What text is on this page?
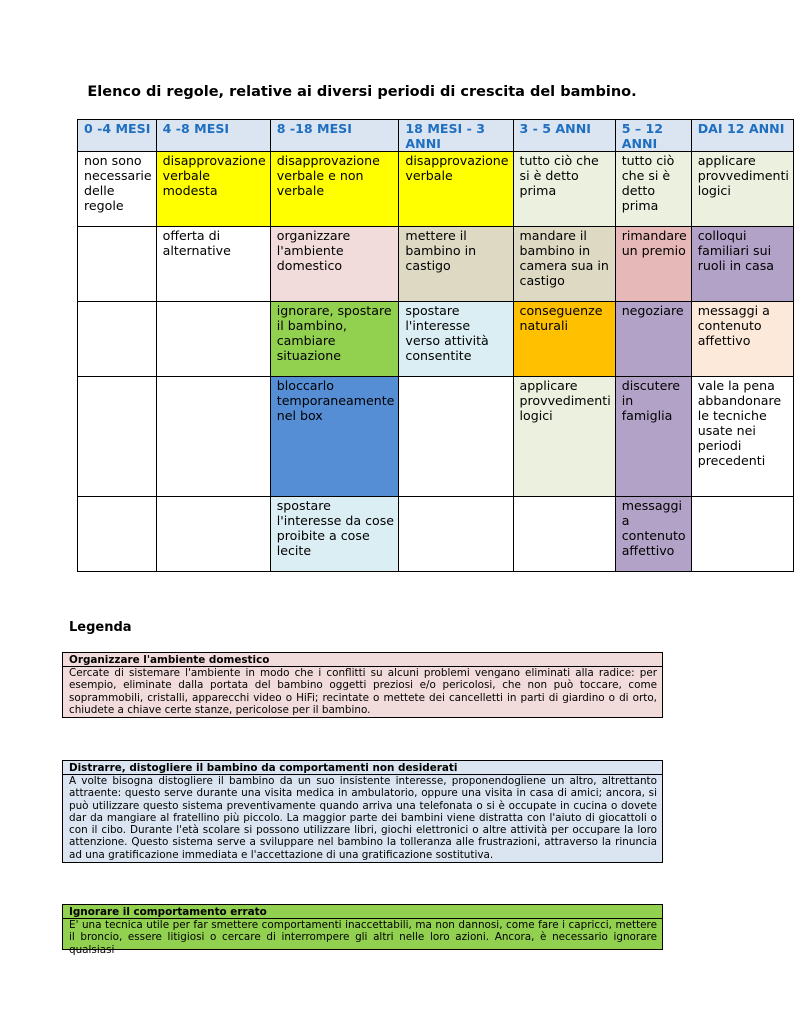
Elenco di regole, relative ai diversi periodi di crescita del bambino.
0 -4 MESI	4 -8 MESI	8 -18 MESI	18 MESI - 3 ANNI	3 - 5 ANNI	5 – 12 ANNI	DAI 12 ANNI
non sono necessarie delle regole	disapprovazione verbale modesta	disapprovazione verbale e non verbale	disapprovazione verbale	tutto ciò che si è detto prima	tutto ciò che si è detto prima	applicare provvedimenti logici
	offerta di alternative	organizzare l'ambiente domestico	mettere il bambino in castigo	mandare il bambino in camera sua in castigo	rimandare un premio	colloqui familiari sui ruoli in casa
		ignorare, spostare il bambino, cambiare situazione	spostare l'interesse verso attività consentite	conseguenze naturali	negoziare	messaggi a contenuto affettivo
		bloccarlo temporaneamente nel box		applicare provvedimenti logici	discutere in famiglia	vale la pena abbandonare le tecniche usate nei periodi precedenti
		spostare l'interesse da cose proibite a cose lecite			messaggi a contenuto affettivo	
Legenda
Organizzare l'ambiente domestico
Cercate di sistemare l'ambiente in modo che i conflitti su alcuni problemi vengano eliminati alla radice: per esempio, eliminate dalla portata del bambino oggetti preziosi e/o pericolosi, che non può toccare, come soprammobili, cristalli, apparecchi video o HiFi; recintate o mettete dei cancelletti in parti di giardino o di orto, chiudete a chiave certe stanze, pericolose per il bambino.
Distrarre, distogliere il bambino da comportamenti non desiderati
A volte bisogna distogliere il bambino da un suo insistente interesse, proponendogliene un altro, altrettanto attraente: questo serve durante una visita medica in ambulatorio, oppure una visita in casa di amici; ancora, si può utilizzare questo sistema preventivamente quando arriva una telefonata o si è occupate in cucina o dovete dar da mangiare al fratellino più piccolo. La maggior parte dei bambini viene distratta con l'aiuto di giocattoli o con il cibo. Durante l'età scolare si possono utilizzare libri, giochi elettronici o altre attività per occupare la loro attenzione. Questo sistema serve a sviluppare nel bambino la tolleranza alle frustrazioni, attraverso la rinuncia ad una gratificazione immediata e l'accettazione di una gratificazione sostitutiva.
Ignorare il comportamento errato
E' una tecnica utile per far smettere comportamenti inaccettabili, ma non dannosi, come fare i capricci, mettere il broncio, essere litigiosi o cercare di interrompere gli altri nelle loro azioni. Ancora, è necessario ignorare qualsiasi
